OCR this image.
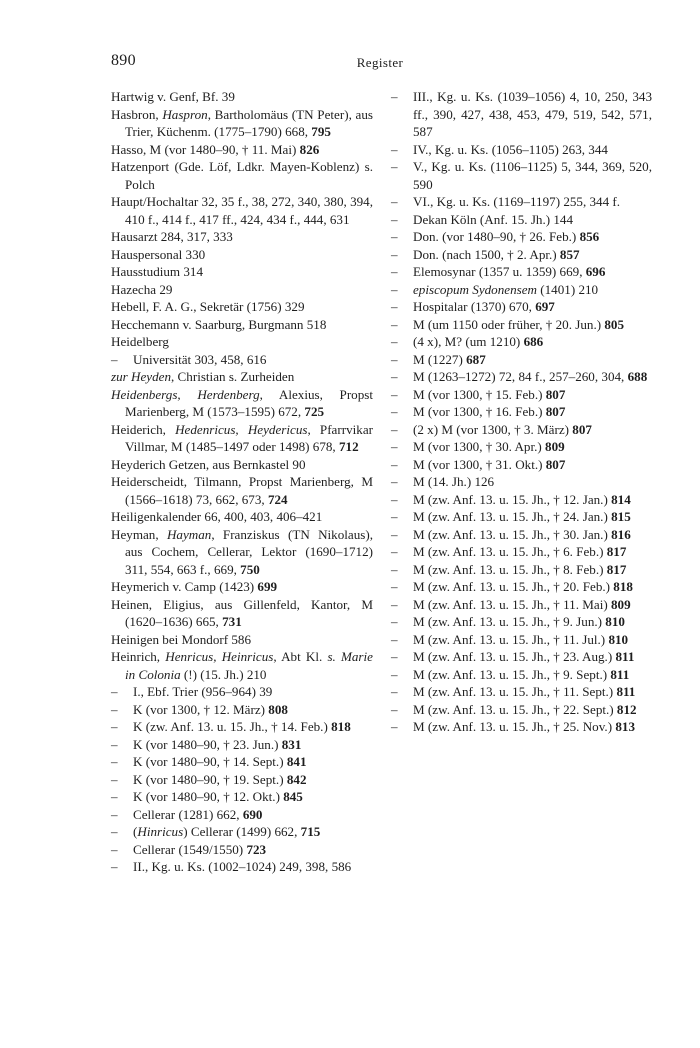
890	Register

Hartwig v. Genf, Bf. 39

Hasbron, Haspron, Bartholomäus (TN Peter), aus Trier, Küchenm. (1775–1790) 668, 795

Hasso, M (vor 1480–90, † 11. Mai) 826

Hatzenport (Gde. Löf, Ldkr. Mayen-Koblenz) s. Polch

Haupt/Hochaltar 32, 35 f., 38, 272, 340, 380, 394, 410 f., 414 f., 417 ff., 424, 434 f., 444, 631

Hausarzt 284, 317, 333

Hauspersonal 330

Hausstudium 314

Hazecha 29

Hebell, F. A. G., Sekretär (1756) 329

Hecchemann v. Saarburg, Burgmann 518

Heidelberg

– Universität 303, 458, 616

zur Heyden, Christian s. Zurheiden

Heidenbergs, Herdenberg, Alexius, Propst Marienberg, M (1573–1595) 672, 725

Heiderich, Hedenricus, Heydericus, Pfarrvikar Villmar, M (1485–1497 oder 1498) 678, 712

Heyderich Getzen, aus Bernkastel 90

Heiderscheidt, Tilmann, Propst Marienberg, M (1566–1618) 73, 662, 673, 724

Heiligenkalender 66, 400, 403, 406–421

Heyman, Hayman, Franziskus (TN Nikolaus), aus Cochem, Cellerar, Lektor (1690–1712) 311, 554, 663 f., 669, 750

Heymerich v. Camp (1423) 699

Heinen, Eligius, aus Gillenfeld, Kantor, M (1620–1636) 665, 731

Heinigen bei Mondorf 586

Heinrich, Henricus, Heinricus, Abt Kl. s. Marie in Colonia (!) (15. Jh.) 210

– I., Ebf. Trier (956–964) 39

– K (vor 1300, † 12. März) 808

– K (zw. Anf. 13. u. 15. Jh., † 14. Feb.) 818

– K (vor 1480–90, † 23. Jun.) 831

– K (vor 1480–90, † 14. Sept.) 841

– K (vor 1480–90, † 19. Sept.) 842

– K (vor 1480–90, † 12. Okt.) 845

– Cellerar (1281) 662, 690

– (Hinricus) Cellerar (1499) 662, 715

– Cellerar (1549/1550) 723

– II., Kg. u. Ks. (1002–1024) 249, 398, 586

– III., Kg. u. Ks. (1039–1056) 4, 10, 250, 343 ff., 390, 427, 438, 453, 479, 519, 542, 571, 587

– IV., Kg. u. Ks. (1056–1105) 263, 344

– V., Kg. u. Ks. (1106–1125) 5, 344, 369, 520, 590

– VI., Kg. u. Ks. (1169–1197) 255, 344 f.

– Dekan Köln (Anf. 15. Jh.) 144

– Don. (vor 1480–90, † 26. Feb.) 856

– Don. (nach 1500, † 2. Apr.) 857

– Elemosynar (1357 u. 1359) 669, 696

– episcopum Sydonensem (1401) 210

– Hospitalar (1370) 670, 697

– M (um 1150 oder früher, † 20. Jun.) 805

– (4 x), M? (um 1210) 686

– M (1227) 687

– M (1263–1272) 72, 84 f., 257–260, 304, 688

– M (vor 1300, † 15. Feb.) 807

– M (vor 1300, † 16. Feb.) 807

– (2 x) M (vor 1300, † 3. März) 807

– M (vor 1300, † 30. Apr.) 809

– M (vor 1300, † 31. Okt.) 807

– M (14. Jh.) 126

– M (zw. Anf. 13. u. 15. Jh., † 12. Jan.) 814

– M (zw. Anf. 13. u. 15. Jh., † 24. Jan.) 815

– M (zw. Anf. 13. u. 15. Jh., † 30. Jan.) 816

– M (zw. Anf. 13. u. 15. Jh., † 6. Feb.) 817

– M (zw. Anf. 13. u. 15. Jh., † 8. Feb.) 817

– M (zw. Anf. 13. u. 15. Jh., † 20. Feb.) 818

– M (zw. Anf. 13. u. 15. Jh., † 11. Mai) 809

– M (zw. Anf. 13. u. 15. Jh., † 9. Jun.) 810

– M (zw. Anf. 13. u. 15. Jh., † 11. Jul.) 810

– M (zw. Anf. 13. u. 15. Jh., † 23. Aug.) 811

– M (zw. Anf. 13. u. 15. Jh., † 9. Sept.) 811

– M (zw. Anf. 13. u. 15. Jh., † 11. Sept.) 811

– M (zw. Anf. 13. u. 15. Jh., † 22. Sept.) 812

– M (zw. Anf. 13. u. 15. Jh., † 25. Nov.) 813
